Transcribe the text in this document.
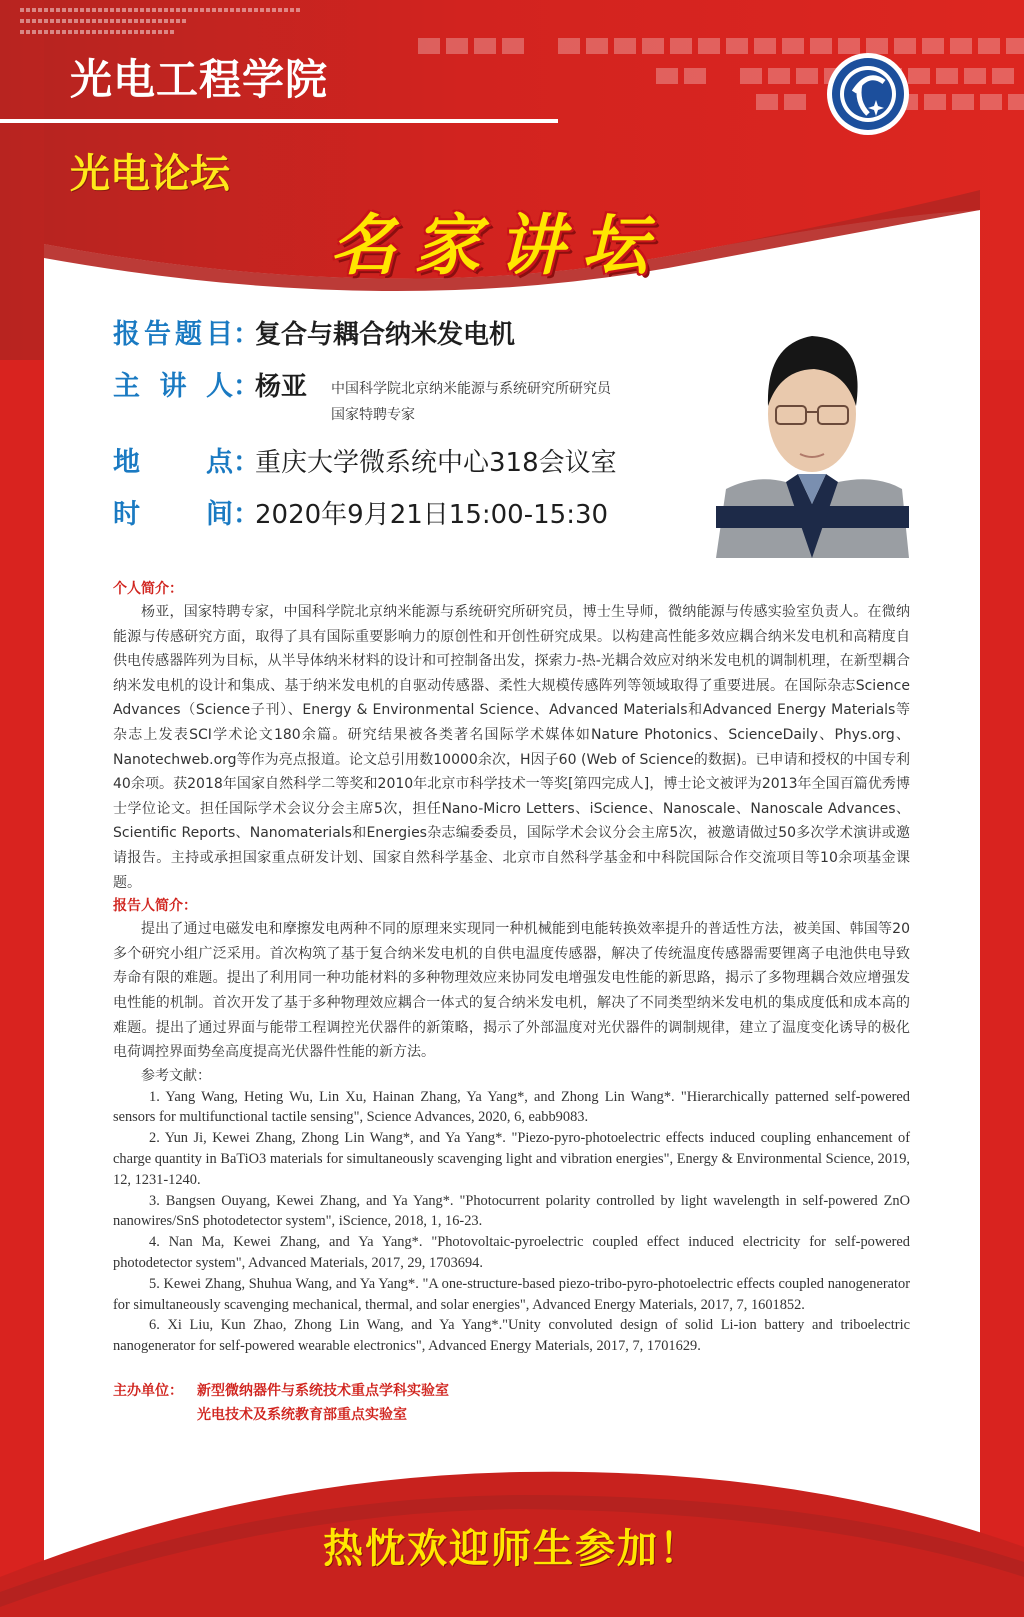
报 告 题 目 ：
复合与耦合纳米发电机
主 讲 人 ：
杨亚 中国科学院北京纳米能源与系统研究所研究员
国家特聘专家
地 点 ：
重庆大学微系统中心318会议室
时 间 ：
2020年9月21日15:00-15:30

个人简介：

杨亚，国家特聘专家，中国科学院北京纳米能源与系统研究所研究员，博士生导师，微纳能源与传感实验室负责人。在微纳能源与传感研究方面，取得了具有国际重要影响力的原创性和开创性研究成果。以构建高性能多效应耦合纳米发电机和高精度自供电传感器阵列为目标，从半导体纳米材料的设计和可控制备出发，探索力-热-光耦合效应对纳米发电机的调制机理，在新型耦合纳米发电机的设计和集成、基于纳米发电机的自驱动传感器、柔性大规模传感阵列等领域取得了重要进展。在国际杂志Science Advances（Science子刊）、Energy & Environmental Science、Advanced Materials和Advanced Energy Materials等杂志上发表SCI学术论文180余篇。研究结果被各类著名国际学术媒体如Nature Photonics、ScienceDaily、Phys.org、Nanotechweb.org等作为亮点报道。论文总引用数10000余次，H因子60 (Web of Science的数据)。已申请和授权的中国专利40余项。获2018年国家自然科学二等奖和2010年北京市科学技术一等奖[第四完成人]，博士论文被评为2013年全国百篇优秀博士学位论文。担任国际学术会议分会主席5次，担任Nano-Micro Letters、iScience、Nanoscale、Nanoscale Advances、Scientific Reports、Nanomaterials和Energies杂志编委委员，国际学术会议分会主席5次，被邀请做过50多次学术演讲或邀请报告。主持或承担国家重点研发计划、国家自然科学基金、北京市自然科学基金和中科院国际合作交流项目等10余项基金课题。

报告人简介：

提出了通过电磁发电和摩擦发电两种不同的原理来实现同一种机械能到电能转换效率提升的普适性方法，被美国、韩国等20多个研究小组广泛采用。首次构筑了基于复合纳米发电机的自供电温度传感器，解决了传统温度传感器需要锂离子电池供电导致寿命有限的难题。提出了利用同一种功能材料的多种物理效应来协同发电增强发电性能的新思路，揭示了多物理耦合效应增强发电性能的机制。首次开发了基于多种物理效应耦合一体式的复合纳米发电机，解决了不同类型纳米发电机的集成度低和成本高的难题。提出了通过界面与能带工程调控光伏器件的新策略，揭示了外部温度对光伏器件的调制规律，建立了温度变化诱导的极化电荷调控界面势垒高度提高光伏器件性能的新方法。

参考文献：

1. Yang Wang, Heting Wu, Lin Xu, Hainan Zhang, Ya Yang*, and Zhong Lin Wang*. "Hierarchically patterned self-powered sensors for multifunctional tactile sensing", Science Advances, 2020, 6, eabb9083.

2. Yun Ji, Kewei Zhang, Zhong Lin Wang*, and Ya Yang*. "Piezo-pyro-photoelectric effects induced coupling enhancement of charge quantity in BaTiO3 materials for simultaneously scavenging light and vibration energies", Energy & Environmental Science, 2019, 12, 1231-1240.

3. Bangsen Ouyang, Kewei Zhang, and Ya Yang*. "Photocurrent polarity controlled by light wavelength in self-powered ZnO nanowires/SnS photodetector system", iScience, 2018, 1, 16-23.

4. Nan Ma, Kewei Zhang, and Ya Yang*. "Photovoltaic-pyroelectric coupled effect induced electricity for self-powered photodetector system", Advanced Materials, 2017, 29, 1703694.

5. Kewei Zhang, Shuhua Wang, and Ya Yang*. "A one-structure-based piezo-tribo-pyro-photoelectric effects coupled nanogenerator for simultaneously scavenging mechanical, thermal, and solar energies", Advanced Energy Materials, 2017, 7, 1601852.

6. Xi Liu, Kun Zhao, Zhong Lin Wang, and Ya Yang*."Unity convoluted design of solid Li-ion battery and triboelectric nanogenerator for self-powered wearable electronics", Advanced Energy Materials, 2017, 7, 1701629.

主办单位：	新型微纳器件与系统技术重点学科实验室
光电技术及系统教育部重点实验室
热忱欢迎师生参加！
光电工程学院
光电论坛
名家讲坛
